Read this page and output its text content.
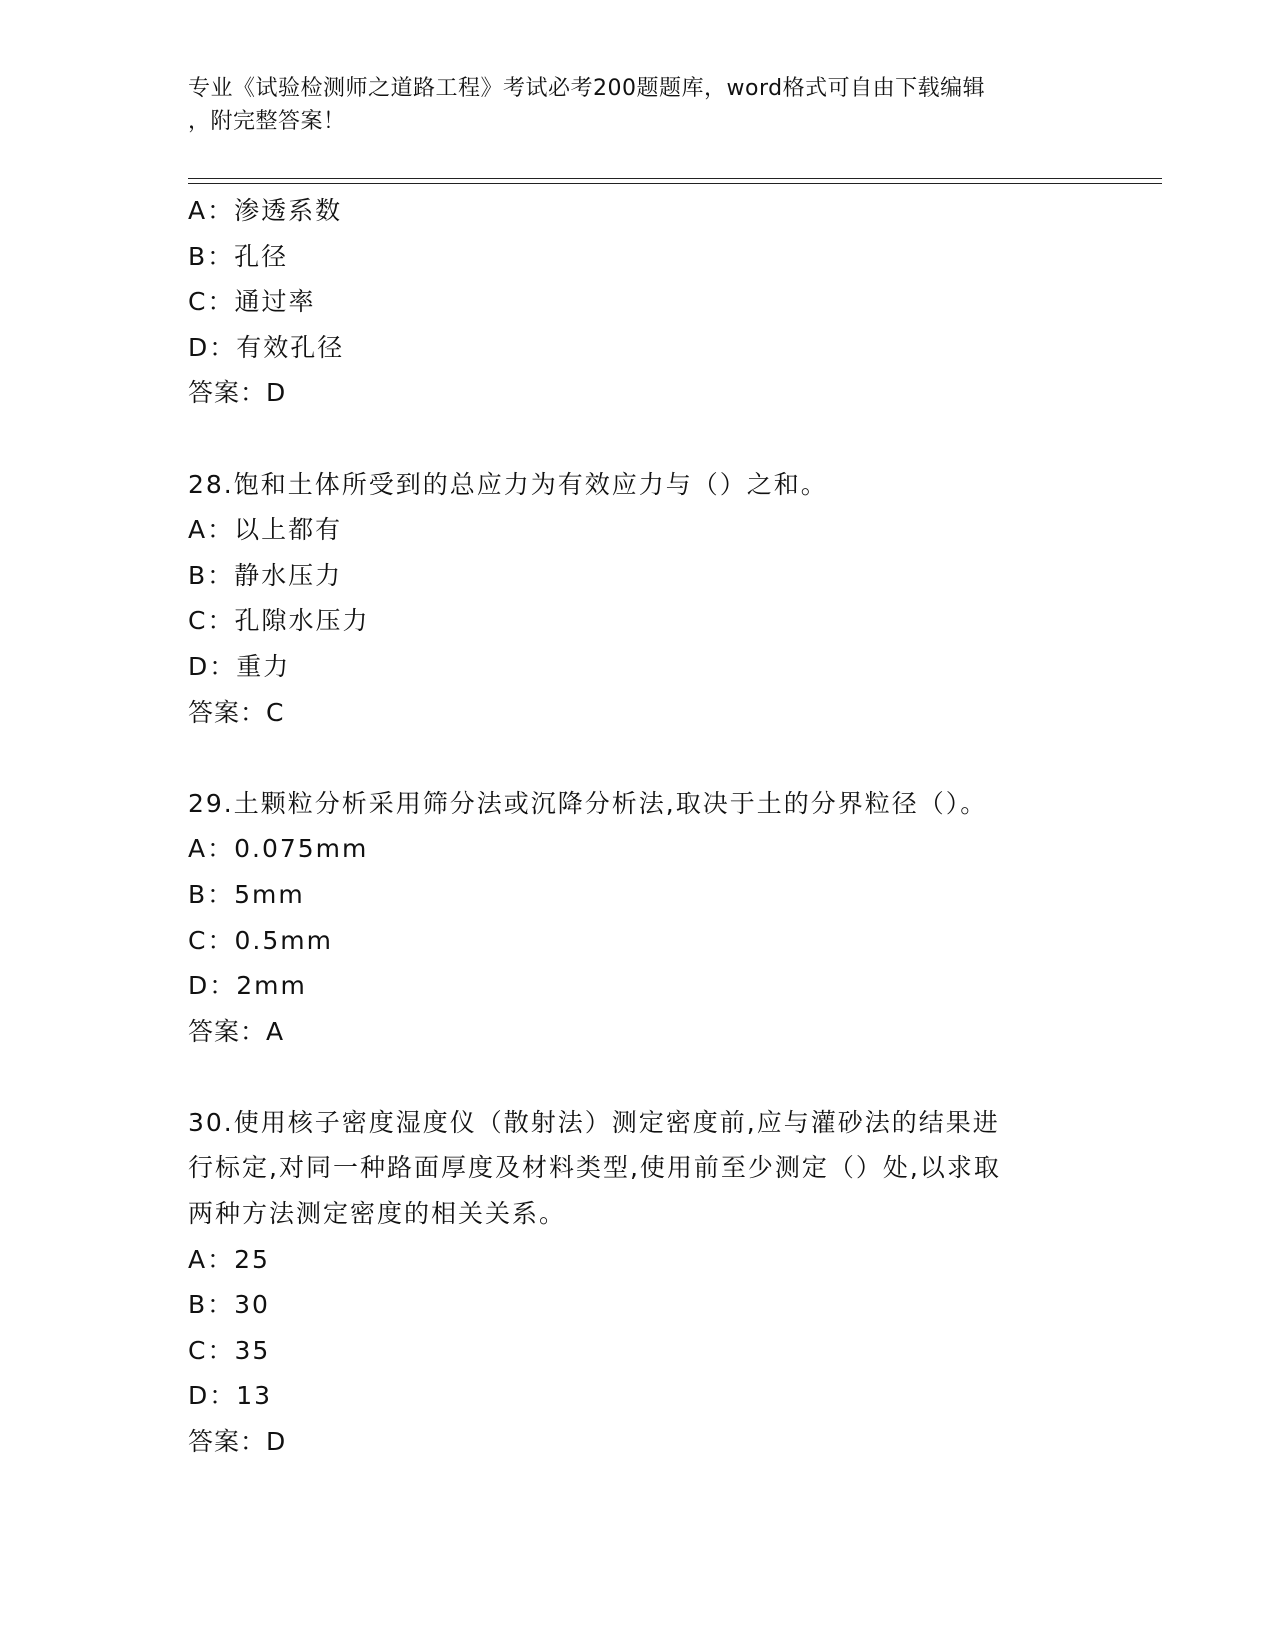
专业《试验检测师之道路工程》考试必考200题题库，word格式可自由下载编辑
，附完整答案！
A：渗透系数
B：孔径
C：通过率
D：有效孔径
答案：D
28.饱和土体所受到的总应力为有效应力与（）之和。
A：以上都有
B：静水压力
C：孔隙水压力
D：重力
答案：C
29.土颗粒分析采用筛分法或沉降分析法,取决于土的分界粒径（）。
A：0.075mm
B：5mm
C：0.5mm
D：2mm
答案：A
30.使用核子密度湿度仪（散射法）测定密度前,应与灌砂法的结果进
行标定,对同一种路面厚度及材料类型,使用前至少测定（）处,以求取
两种方法测定密度的相关关系。
A：25
B：30
C：35
D：13
答案：D
